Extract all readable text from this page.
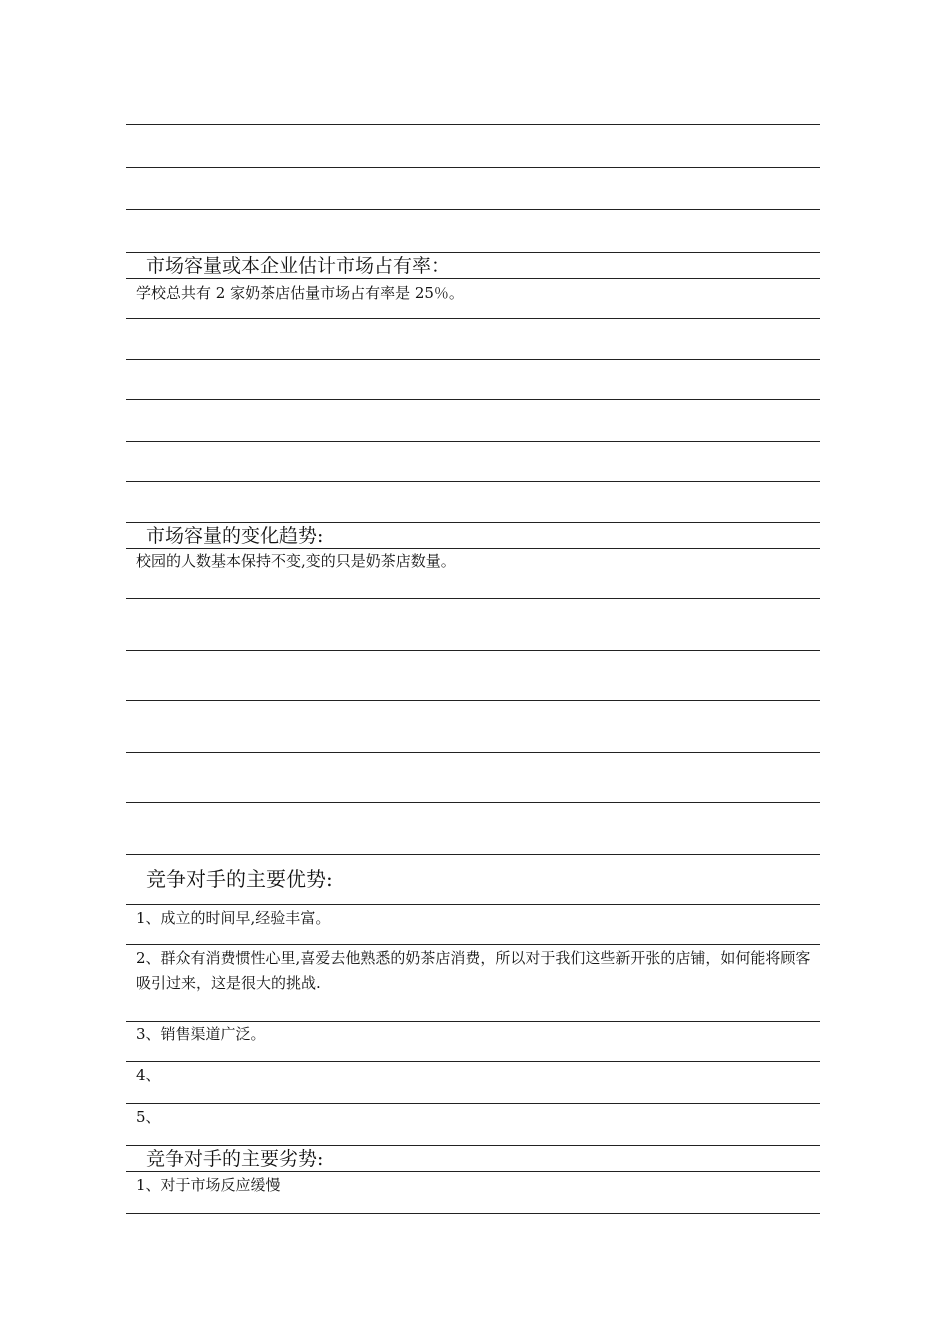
市场容量或本企业估计市场占有率：
学校总共有 2 家奶茶店估量市场占有率是 25％。
市场容量的变化趋势:
校园的人数基本保持不变,变的只是奶茶店数量。
竞争对手的主要优势:
1、成立的时间早,经验丰富。
2、群众有消费惯性心里,喜爱去他熟悉的奶茶店消费，所以对于我们这些新开张的店铺，如何能将顾客吸引过来，这是很大的挑战.
3、销售渠道广泛。
4、
5、
竞争对手的主要劣势:
1、对于市场反应缓慢
